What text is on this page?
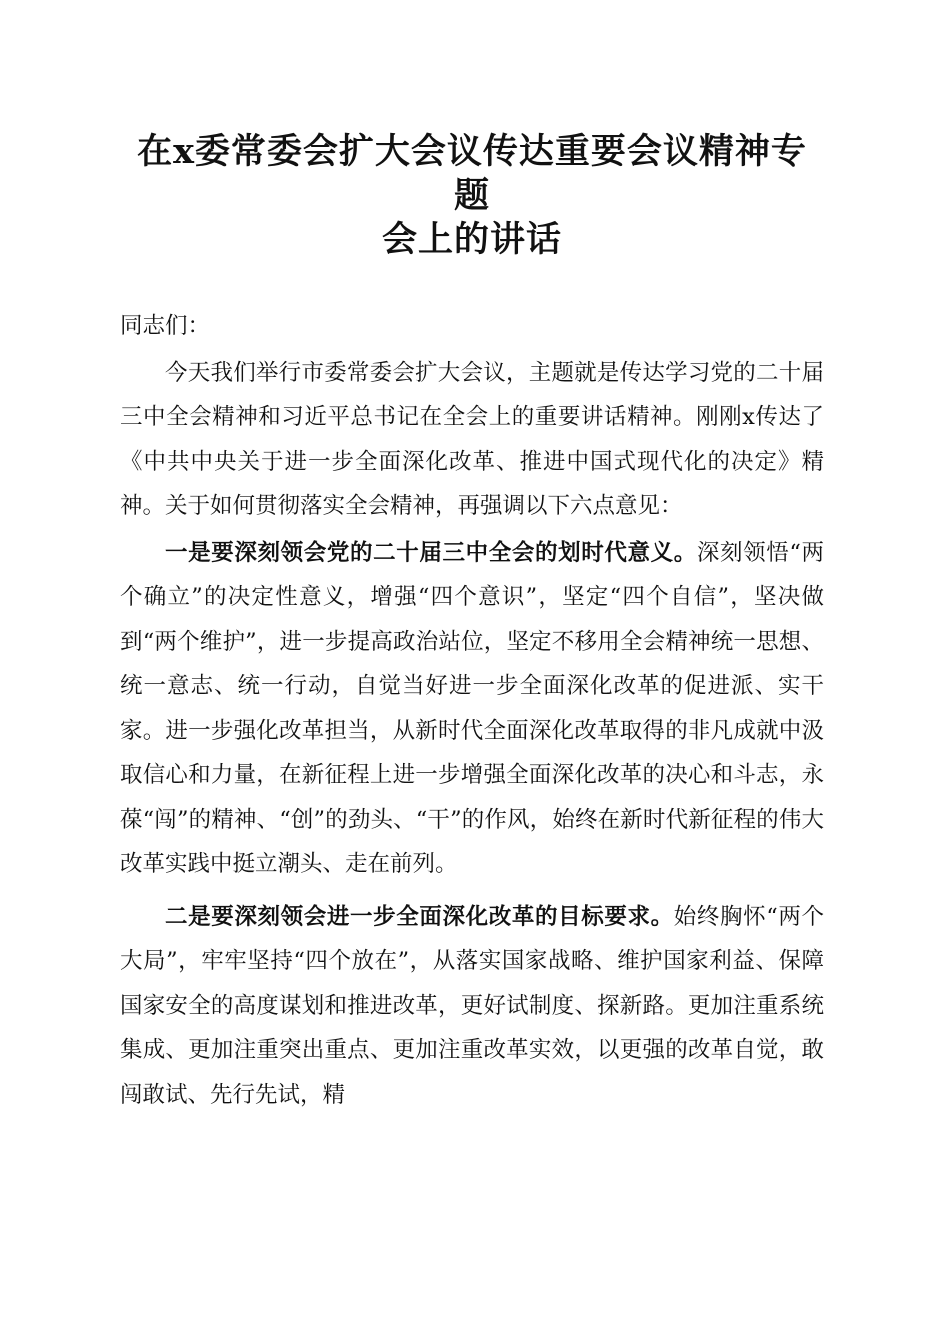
在x委常委会扩大会议传达重要会议精神专题
会上的讲话

同志们：

今天我们举行市委常委会扩大会议，主题就是传达学习党的二十届三中全会精神和习近平总书记在全会上的重要讲话精神。刚刚x传达了《中共中央关于进一步全面深化改革、推进中国式现代化的决定》精神。关于如何贯彻落实全会精神，再强调以下六点意见：

一是要深刻领会党的二十届三中全会的划时代意义。深刻领悟“两个确立”的决定性意义，增强“四个意识”，坚定“四个自信”，坚决做到“两个维护”，进一步提高政治站位，坚定不移用全会精神统一思想、统一意志、统一行动，自觉当好进一步全面深化改革的促进派、实干家。进一步强化改革担当，从新时代全面深化改革取得的非凡成就中汲取信心和力量，在新征程上进一步增强全面深化改革的决心和斗志，永葆“闯”的精神、“创”的劲头、“干”的作风，始终在新时代新征程的伟大改革实践中挺立潮头、走在前列。

二是要深刻领会进一步全面深化改革的目标要求。始终胸怀“两个大局”，牢牢坚持“四个放在”，从落实国家战略、维护国家利益、保障国家安全的高度谋划和推进改革，更好试制度、探新路。更加注重系统集成、更加注重突出重点、更加注重改革实效，以更强的改革自觉，敢闯敢试、先行先试，精
